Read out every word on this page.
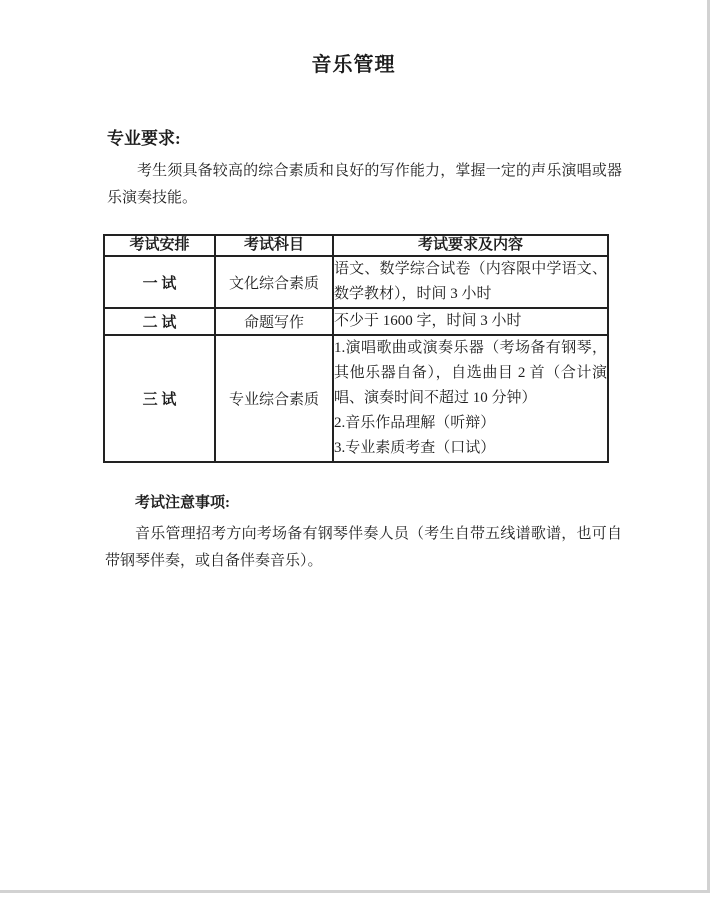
音乐管理
专业要求:
考生须具备较高的综合素质和良好的写作能力，掌握一定的声乐演唱或器乐演奏技能。
考试安排	考试科目	考试要求及内容
一 试	文化综合素质	语文、数学综合试卷（内容限中学语文、数学教材），时间 3 小时

二 试	命题写作	不少于 1600 字，时间 3 小时

三 试	专业综合素质	1.演唱歌曲或演奏乐器（考场备有钢琴，其他乐器自备），自选曲目 2 首（合计演唱、演奏时间不超过 10 分钟）
2.音乐作品理解（听辩）
3.专业素质考查（口试）
考试注意事项:
音乐管理招考方向考场备有钢琴伴奏人员（考生自带五线谱歌谱，也可自带钢琴伴奏，或自备伴奏音乐）。
